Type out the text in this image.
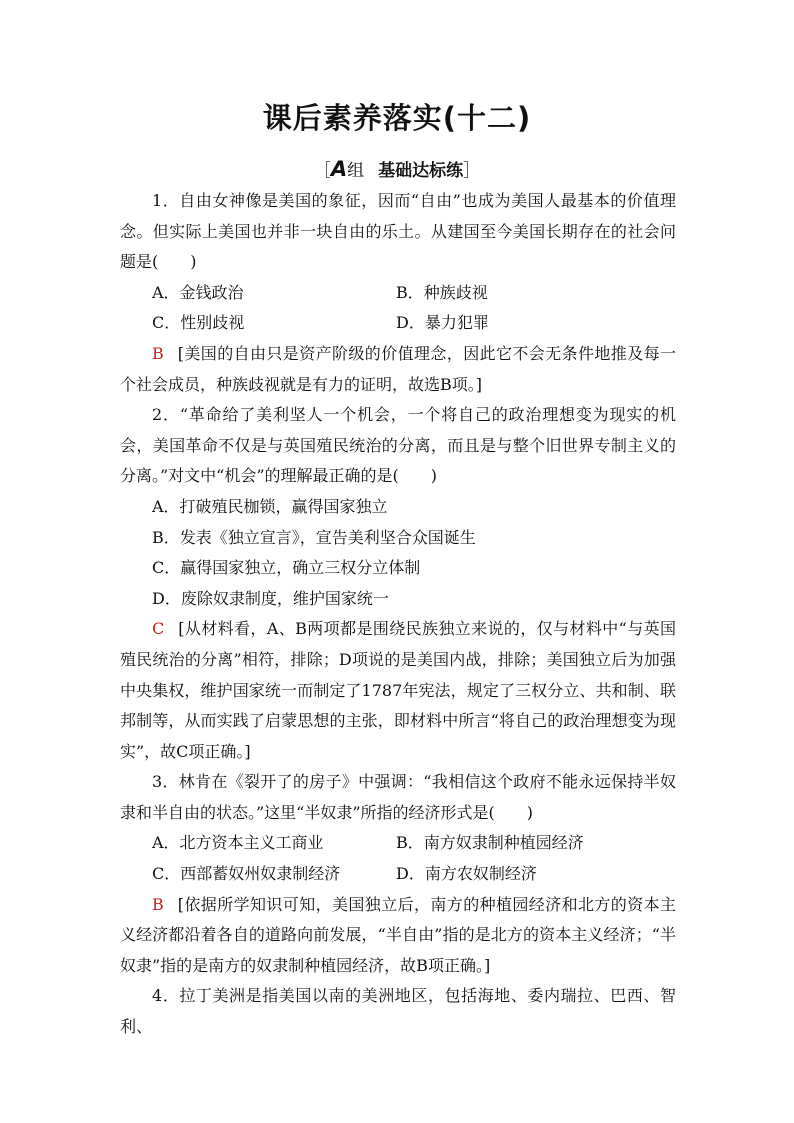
课后素养落实(十二)
［A组 基础达标练］

1．自由女神像是美国的象征，因而“自由”也成为美国人最基本的价值理念。但实际上美国也并非一块自由的乐土。从建国至今美国长期存在的社会问题是(　　)

A．金钱政治	B．种族歧视
C．性别歧视	D．暴力犯罪

B [美国的自由只是资产阶级的价值理念，因此它不会无条件地推及每一个社会成员，种族歧视就是有力的证明，故选B项。]

2．“革命给了美利坚人一个机会，一个将自己的政治理想变为现实的机会，美国革命不仅是与英国殖民统治的分离，而且是与整个旧世界专制主义的分离。”对文中“机会”的理解最正确的是(　　)

A．打破殖民枷锁，赢得国家独立

B．发表《独立宣言》，宣告美利坚合众国诞生

C．赢得国家独立，确立三权分立体制

D．废除奴隶制度，维护国家统一

C [从材料看，A、B两项都是围绕民族独立来说的，仅与材料中“与英国殖民统治的分离”相符，排除；D项说的是美国内战，排除；美国独立后为加强中央集权，维护国家统一而制定了1787年宪法，规定了三权分立、共和制、联邦制等，从而实践了启蒙思想的主张，即材料中所言“将自己的政治理想变为现实”，故C项正确。]

3．林肯在《裂开了的房子》中强调：“我相信这个政府不能永远保持半奴隶和半自由的状态。”这里“半奴隶”所指的经济形式是(　　)

A．北方资本主义工商业	B．南方奴隶制种植园经济
C．西部蓄奴州奴隶制经济	D．南方农奴制经济

B [依据所学知识可知，美国独立后，南方的种植园经济和北方的资本主义经济都沿着各自的道路向前发展，“半自由”指的是北方的资本主义经济；“半奴隶”指的是南方的奴隶制种植园经济，故B项正确。]

4．拉丁美洲是指美国以南的美洲地区，包括海地、委内瑞拉、巴西、智利、
